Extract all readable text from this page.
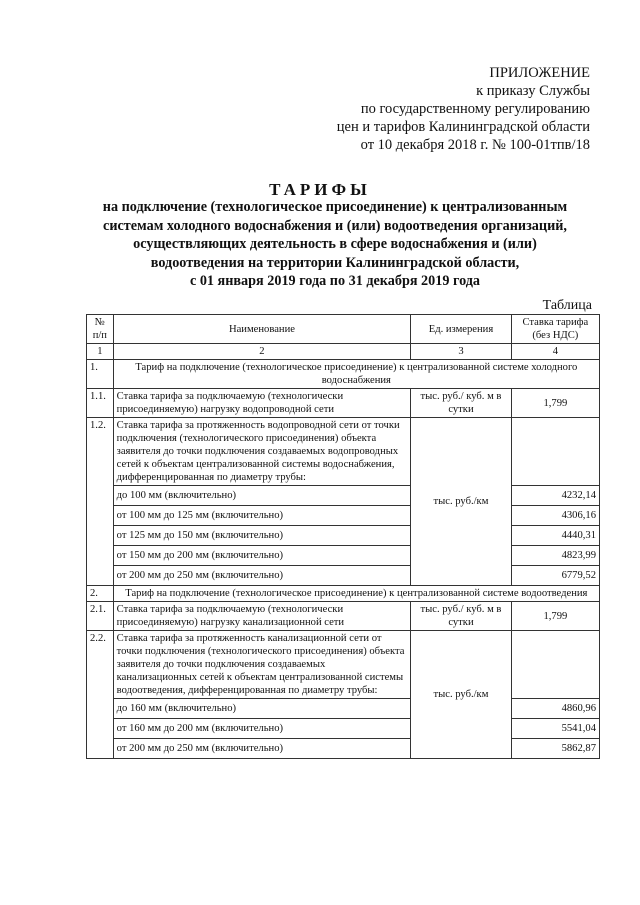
ПРИЛОЖЕНИЕ
к приказу Службы
по государственному регулированию
цен и тарифов Калининградской области
от 10 декабря 2018 г. № 100-01тпв/18
ТАРИФЫ
на подключение (технологическое присоединение) к централизованным
системам холодного водоснабжения и (или) водоотведения организаций,
осуществляющих деятельность в сфере водоснабжения и (или)
водоотведения на территории Калининградской области,
с 01 января 2019 года по 31 декабря 2019 года
Таблица
№ п/п	Наименование	Ед. измерения	Ставка тарифа (без НДС)
1	2	3	4
1.	Тариф на подключение (технологическое присоединение) к централизованной системе холодного водоснабжения		
1.1.	Ставка тарифа за подключаемую (технологически присоединяемую) нагрузку водопроводной сети	тыс. руб./ куб. м в сутки	1,799
1.2.	Ставка тарифа за протяженность водопроводной сети от точки подключения (технологического присоединения) объекта заявителя до точки подключения создаваемых водопроводных сетей к объектам централизованной системы водоснабжения, дифференцированная по диаметру трубы:	тыс. руб./км	
	до 100 мм (включительно)		4232,14
	от 100 мм до 125 мм (включительно)		4306,16
	от 125 мм до 150 мм (включительно)		4440,31
	от 150 мм до 200 мм (включительно)		4823,99
	от 200 мм до 250 мм (включительно)		6779,52
2.	Тариф на подключение (технологическое присоединение) к централизованной системе водоотведения		
2.1.	Ставка тарифа за подключаемую (технологически присоединяемую) нагрузку канализационной сети	тыс. руб./ куб. м в сутки	1,799
2.2.	Ставка тарифа за протяженность канализационной сети от точки подключения (технологического присоединения) объекта заявителя до точки подключения создаваемых канализационных сетей к объектам централизованной системы водоотведения, дифференцированная по диаметру трубы:	тыс. руб./км	
	до 160 мм (включительно)		4860,96
	от 160 мм до 200 мм (включительно)		5541,04
	от 200 мм до 250 мм (включительно)		5862,87
